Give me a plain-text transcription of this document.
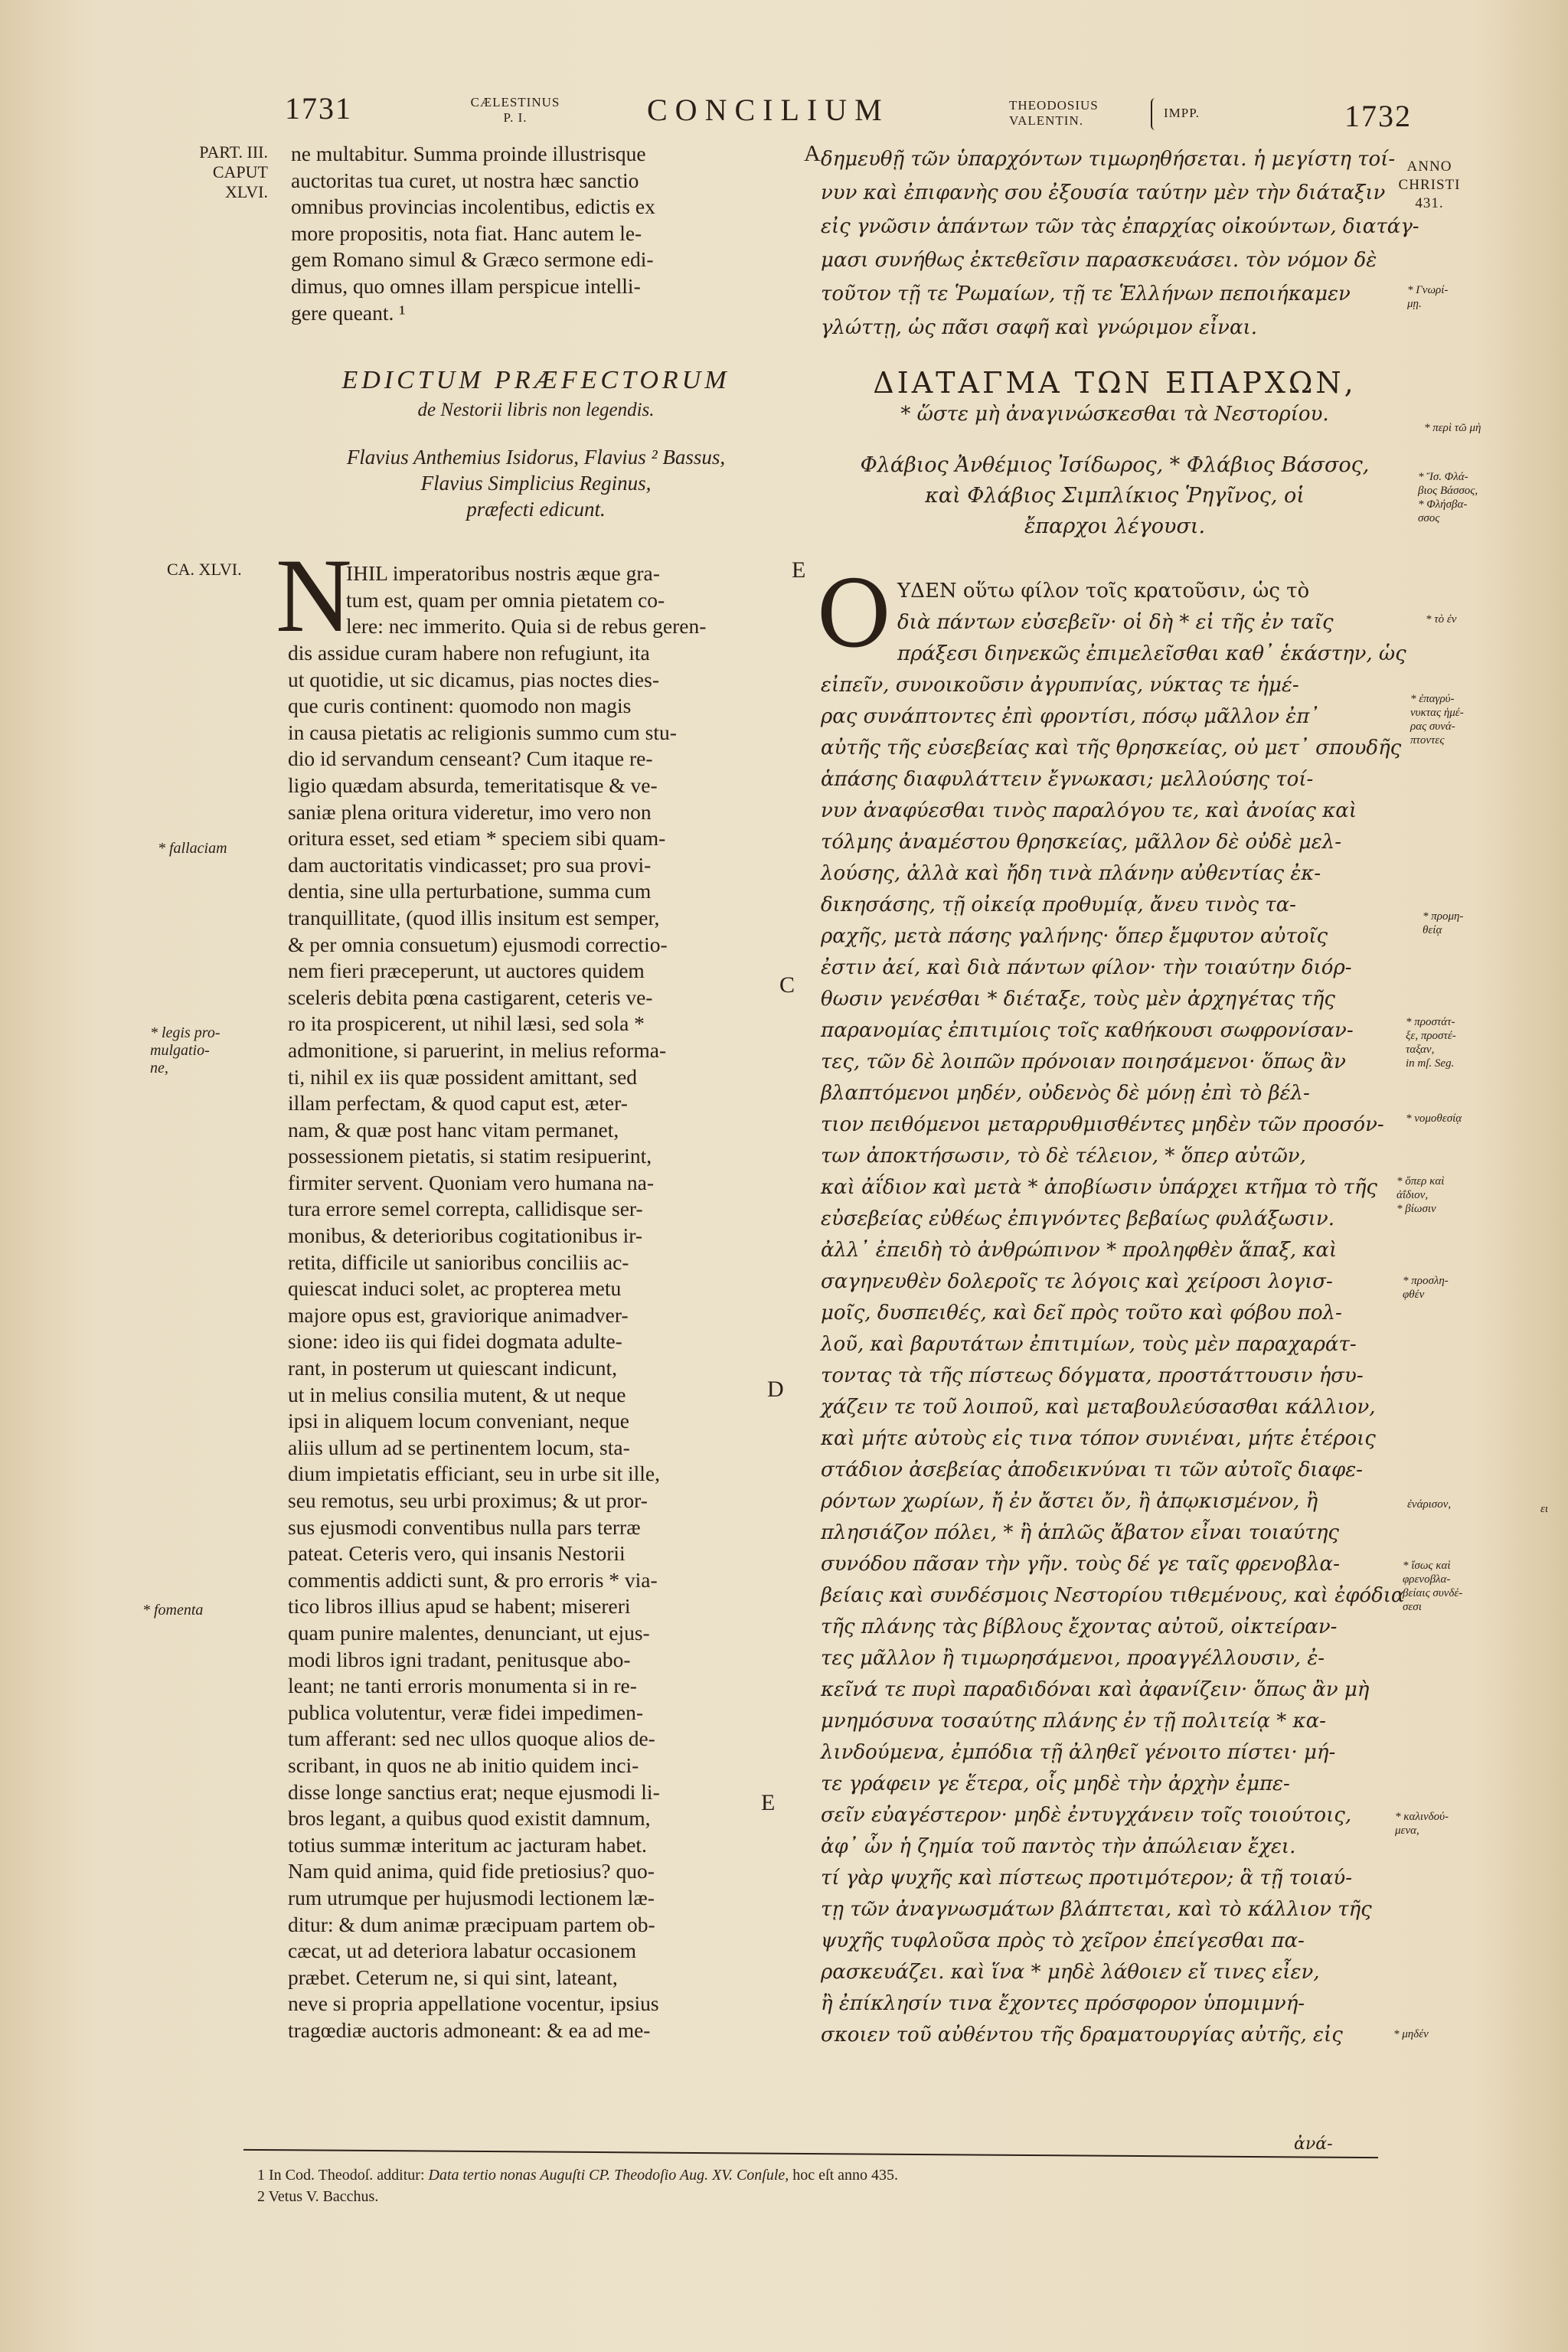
1731	CÆLESTINUS
P. I.	CONCILIUM	THEODOSIUS
VALENTIN.
IMPP.	1732
PART. III.
CAPUT
XLVI.
CA. XLVI.
* fallaciam
* legis pro-
mulgatio-
ne,
* fomenta
A
E
C
D
E
ne multabitur. Summa proinde illustrisque
auctoritas tua curet, ut nostra hæc sanctio
omnibus provincias incolentibus, edictis ex
more propositis, nota fiat. Hanc autem le-
gem Romano simul & Græco sermone edi-
dimus, quo omnes illam perspicue intelli-
gere queant. ¹
EDICTUM PRÆFECTORUM
de Nestorii libris non legendis.
Flavius Anthemius Isidorus, Flavius ² Bassus,
Flavius Simplicius Reginus,
præfecti edicunt.
N
IHIL imperatoribus nostris æque gra-
tum est, quam per omnia pietatem co-
lere: nec immerito. Quia si de rebus geren-
dis assidue curam habere non refugiunt, ita
ut quotidie, ut sic dicamus, pias noctes dies-
que curis continent: quomodo non magis
in causa pietatis ac religionis summo cum stu-
dio id servandum censeant? Cum itaque re-
ligio quædam absurda, temeritatisque & ve-
saniæ plena oritura videretur, imo vero non
oritura esset, sed etiam * speciem sibi quam-
dam auctoritatis vindicasset; pro sua provi-
dentia, sine ulla perturbatione, summa cum
tranquillitate, (quod illis insitum est semper,
& per omnia consuetum) ejusmodi correctio-
nem fieri præceperunt, ut auctores quidem
sceleris debita pœna castigarent, ceteris ve-
ro ita prospicerent, ut nihil læsi, sed sola *
admonitione, si paruerint, in melius reforma-
ti, nihil ex iis quæ possident amittant, sed
illam perfectam, & quod caput est, æter-
nam, & quæ post hanc vitam permanet,
possessionem pietatis, si statim resipuerint,
firmiter servent. Quoniam vero humana na-
tura errore semel correpta, callidisque ser-
monibus, & deterioribus cogitationibus ir-
retita, difficile ut sanioribus conciliis ac-
quiescat induci solet, ac propterea metu
majore opus est, graviorique animadver-
sione: ideo iis qui fidei dogmata adulte-
rant, in posterum ut quiescant indicunt,
ut in melius consilia mutent, & ut neque
ipsi in aliquem locum conveniant, neque
aliis ullum ad se pertinentem locum, sta-
dium impietatis efficiant, seu in urbe sit ille,
seu remotus, seu urbi proximus; & ut pror-
sus ejusmodi conventibus nulla pars terræ
pateat. Ceteris vero, qui insanis Nestorii
commentis addicti sunt, & pro erroris * via-
tico libros illius apud se habent; misereri
quam punire malentes, denunciant, ut ejus-
modi libros igni tradant, penitusque abo-
leant; ne tanti erroris monumenta si in re-
publica volutentur, veræ fidei impedimen-
tum afferant: sed nec ullos quoque alios de-
scribant, in quos ne ab initio quidem inci-
disse longe sanctius erat; neque ejusmodi li-
bros legant, a quibus quod existit damnum,
totius summæ interitum ac jacturam habet.
Nam quid anima, quid fide pretiosius? quo-
rum utrumque per hujusmodi lectionem læ-
ditur: & dum animæ præcipuam partem ob-
cæcat, ut ad deteriora labatur occasionem
præbet. Ceterum ne, si qui sint, lateant,
neve si propria appellatione vocentur, ipsius
tragœdiæ auctoris admoneant: & ea ad me-
δημευθῇ τῶν ὑπαρχόντων τιμωρηθήσεται. ἡ μεγίστη τοί-
νυν καὶ ἐπιφανὴς σου ἐξουσία ταύτην μὲν τὴν διάταξιν
εἰς γνῶσιν ἁπάντων τῶν τὰς ἐπαρχίας οἰκούντων, διατάγ-
μασι συνήθως ἐκτεθεῖσιν παρασκευάσει. τὸν νόμον δὲ
τοῦτον τῇ τε Ῥωμαίων, τῇ τε Ἑλλήνων πεποιήκαμεν
γλώττῃ, ὡς πᾶσι σαφῆ καὶ γνώριμον εἶναι.
ΔΙΑΤΑΓΜΑ ΤΩΝ ΕΠΑΡΧΩΝ,
* ὥστε μὴ ἀναγινώσκεσθαι τὰ Νεστορίου.
Φλάβιος Ἀνθέμιος Ἰσίδωρος, * Φλάβιος Βάσσος,
καὶ Φλάβιος Σιμπλίκιος Ῥηγῖνος, οἱ
ἔπαρχοι λέγουσι.
Ο ΥΔΕΝ οὕτω φίλον τοῖς κρατοῦσιν, ὡς τὸ
διὰ πάντων εὐσεβεῖν· οἱ δὴ * εἰ τῆς ἐν ταῖς
πράξεσι διηνεκῶς ἐπιμελεῖσθαι καθ᾽ ἑκάστην, ὡς
εἰπεῖν, συνοικοῦσιν ἀγρυπνίας, νύκτας τε ἡμέ-
ρας συνάπτοντες ἐπὶ φροντίσι, πόσῳ μᾶλλον ἐπ᾽
αὐτῆς τῆς εὐσεβείας καὶ τῆς θρησκείας, οὐ μετ᾽ σπουδῆς
ἁπάσης διαφυλάττειν ἔγνωκασι; μελλούσης τοί-
νυν ἀναφύεσθαι τινὸς παραλόγου τε, καὶ ἀνοίας καὶ
τόλμης ἀναμέστου θρησκείας, μᾶλλον δὲ οὐδὲ μελ-
λούσης, ἀλλὰ καὶ ἤδη τινὰ πλάνην αὐθεντίας ἐκ-
δικησάσης, τῇ οἰκείᾳ προθυμίᾳ, ἄνευ τινὸς τα-
ραχῆς, μετὰ πάσης γαλήνης· ὅπερ ἔμφυτον αὐτοῖς
ἐστιν ἀεί, καὶ διὰ πάντων φίλον· τὴν τοιαύτην διόρ-
θωσιν γενέσθαι * διέταξε, τοὺς μὲν ἀρχηγέτας τῆς
παρανομίας ἐπιτιμίοις τοῖς καθήκουσι σωφρονίσαν-
τες, τῶν δὲ λοιπῶν πρόνοιαν ποιησάμενοι· ὅπως ἂν
βλαπτόμενοι μηδέν, οὐδενὸς δὲ μόνῃ ἐπὶ τὸ βέλ-
τιον πειθόμενοι μεταρρυθμισθέντες μηδὲν τῶν προσόν-
των ἀποκτήσωσιν, τὸ δὲ τέλειον, * ὅπερ αὐτῶν,
καὶ ἀΐδιον καὶ μετὰ * ἀποβίωσιν ὑπάρχει κτῆμα τὸ τῆς
εὐσεβείας εὐθέως ἐπιγνόντες βεβαίως φυλάξωσιν.
ἀλλ᾽ ἐπειδὴ τὸ ἀνθρώπινον * προληφθὲν ἅπαξ, καὶ
σαγηνευθὲν δολεροῖς τε λόγοις καὶ χείροσι λογισ-
μοῖς, δυσπειθές, καὶ δεῖ πρὸς τοῦτο καὶ φόβου πολ-
λοῦ, καὶ βαρυτάτων ἐπιτιμίων, τοὺς μὲν παραχαράτ-
τοντας τὰ τῆς πίστεως δόγματα, προστάττουσιν ἡσυ-
χάζειν τε τοῦ λοιποῦ, καὶ μεταβουλεύσασθαι κάλλιον,
καὶ μήτε αὐτοὺς εἰς τινα τόπον συνιέναι, μήτε ἑτέροις
στάδιον ἀσεβείας ἀποδεικνύναι τι τῶν αὐτοῖς διαφε-
ρόντων χωρίων, ἤ ἐν ἄστει ὄν, ἢ ἀπῳκισμένον, ἢ
πλησιάζον πόλει, * ἢ ἁπλῶς ἄβατον εἶναι τοιαύτης
συνόδου πᾶσαν τὴν γῆν. τοὺς δέ γε ταῖς φρενοβλα-
βείαις καὶ συνδέσμοις Νεστορίου τιθεμένους, καὶ ἐφόδια
τῆς πλάνης τὰς βίβλους ἔχοντας αὐτοῦ, οἰκτείραν-
τες μᾶλλον ἢ τιμωρησάμενοι, προαγγέλλουσιν, ἐ-
κεῖνά τε πυρὶ παραδιδόναι καὶ ἀφανίζειν· ὅπως ἂν μὴ
μνημόσυνα τοσαύτης πλάνης ἐν τῇ πολιτείᾳ * κα-
λινδούμενα, ἐμπόδια τῇ ἀληθεῖ γένοιτο πίστει· μή-
τε γράφειν γε ἕτερα, οἷς μηδὲ τὴν ἀρχὴν ἐμπε-
σεῖν εὐαγέστερον· μηδὲ ἐντυγχάνειν τοῖς τοιούτοις,
ἀφ᾽ ὧν ἡ ζημία τοῦ παντὸς τὴν ἀπώλειαν ἔχει.
τί γὰρ ψυχῆς καὶ πίστεως προτιμότερον; ἃ τῇ τοιαύ-
τῃ τῶν ἀναγνωσμάτων βλάπτεται, καὶ τὸ κάλλιον τῆς
ψυχῆς τυφλοῦσα πρὸς τὸ χεῖρον ἐπείγεσθαι πα-
ρασκευάζει. καὶ ἵνα * μηδὲ λάθοιεν εἴ τινες εἶεν,
ἢ ἐπίκλησίν τινα ἔχοντες πρόσφορον ὑπομιμνή-
σκοιεν τοῦ αὐθέντου τῆς δραματουργίας αὐτῆς, εἰς
ἀνά-
ANNO
CHRISTI
431.
* Γνωρί-
μῃ.
* περὶ τῶ μὴ
* Ἴσ. Φλά-
βιος Βάσσος,
* Φλήσβα-
σσος
* τὸ ἐν
* ἐπαγρύ-
νυκτας ἡμέ-
ρας συνά-
πτοντες
* προμη-
θείᾳ
* προστάτ-
ξε, προστέ-
ταξαν,
in mſ. Seg.
* νομοθεσίᾳ
* ὅπερ καὶ
ἀΐδιον,
* βίωσιν
* προσλη-
φθέν
ἐνάρισον,
* ἴσως καὶ
φρενοβλα-
βείαις συνδέ-
σεσι
* καλινδού-
μενα,
* μηδέν
ει
1 In Cod. Theodoſ. additur: Data tertio nonas Auguſti CP. Theodoſio Aug. XV. Conſule, hoc eſt anno 435.
2 Vetus V. Bacchus.
